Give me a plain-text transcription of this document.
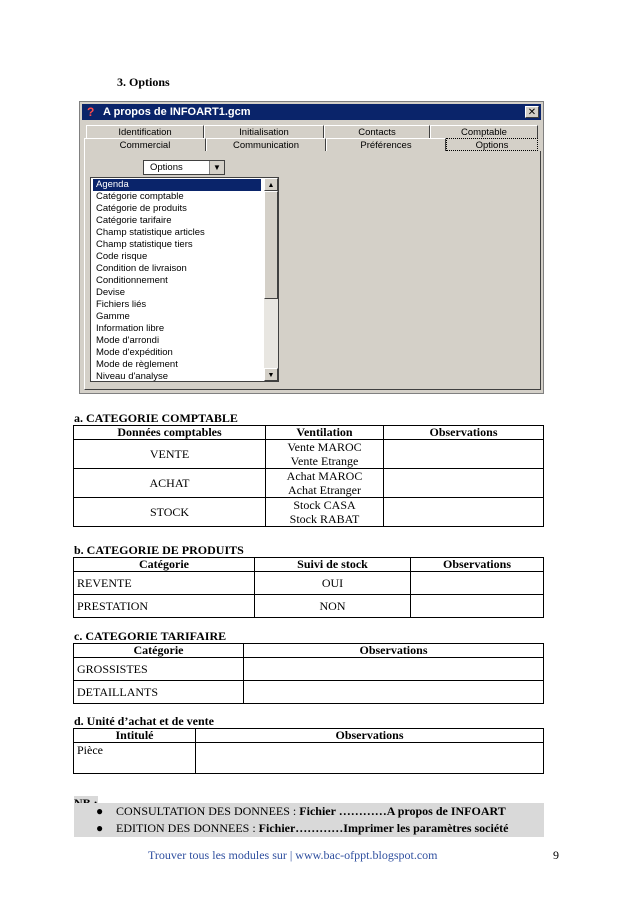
3. Options
? A propos de INFOART1.gcm	✕
Identification	Initialisation	Contacts	Comptable
Commercial	Communication	Préférences	Options
Options	▼
Agenda
Catégorie comptable
Catégorie de produits
Catégorie tarifaire
Champ statistique articles
Champ statistique tiers
Code risque
Condition de livraison
Conditionnement
Devise
Fichiers liés
Gamme
Information libre
Mode d'arrondi
Mode d'expédition
Mode de règlement
Niveau d'analyse
▲
▼
a. CATEGORIE COMPTABLE
Données comptables	Ventilation	Observations
VENTE	Vente MAROC
Vente Etrange	

ACHAT	Achat MAROC
Achat Etranger	

STOCK	Stock CASA
Stock RABAT	

b. CATEGORIE DE PRODUITS
Catégorie	Suivi de stock	Observations
REVENTE	OUI	
PRESTATION	NON	
c. CATEGORIE TARIFAIRE
Catégorie	Observations
GROSSISTES	
DETAILLANTS	
d. Unité d’achat et de vente
Intitulé	Observations
Pièce	
● CONSULTATION DES DONNEES : Fichier …………A propos de INFOART
● EDITION DES DONNEES : Fichier…………Imprimer les paramètres société
Trouver tous les modules sur | www.bac-ofppt.blogspot.com	9
